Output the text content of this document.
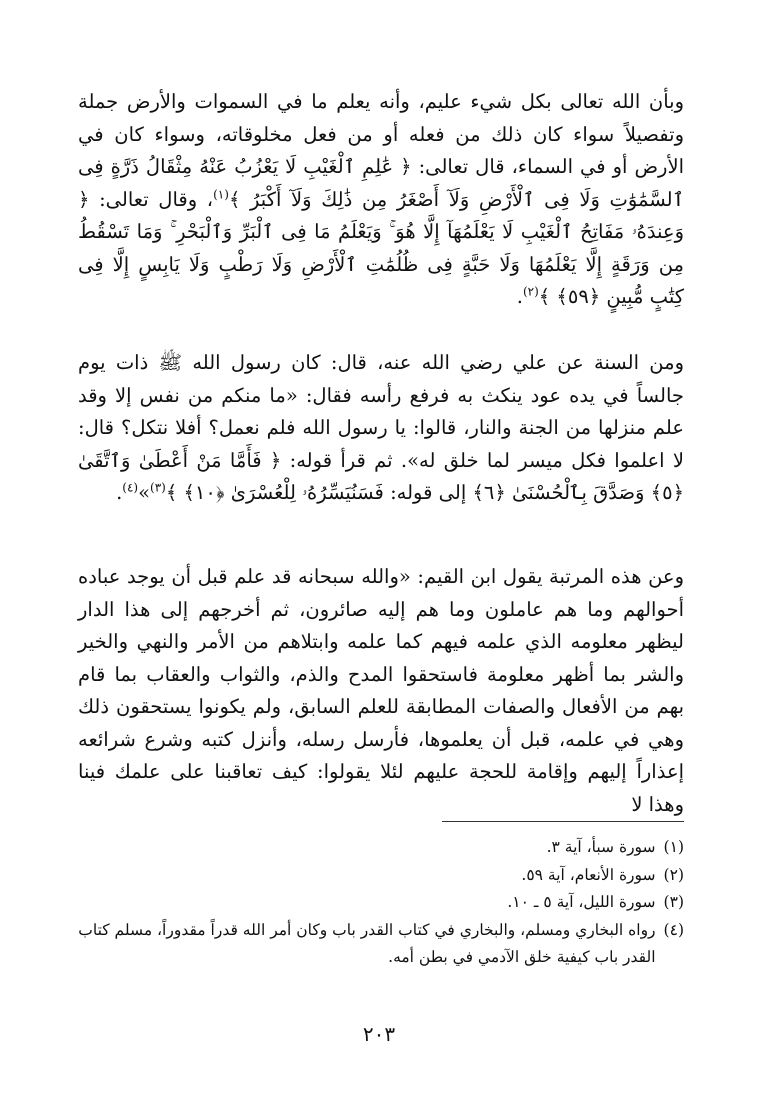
وبأن الله تعالى بكل شيء عليم، وأنه يعلم ما في السموات والأرض جملة وتفصيلاً سواء كان ذلك من فعله أو من فعل مخلوقاته، وسواء كان في الأرض أو في السماء، قال تعالى: ﴿ عَٰلِمِ ٱلْغَيْبِ لَا يَعْزُبُ عَنْهُ مِثْقَالُ ذَرَّةٍ فِى ٱلسَّمَٰوَٰتِ وَلَا فِى ٱلْأَرْضِ وَلَآ أَصْغَرُ مِن ذَٰلِكَ وَلَآ أَكْبَرُ ﴾$^{(١)}$، وقال تعالى: ﴿ وَعِندَهُۥ مَفَاتِحُ ٱلْغَيْبِ لَا يَعْلَمُهَآ إِلَّا هُوَ ۚ وَيَعْلَمُ مَا فِى ٱلْبَرِّ وَٱلْبَحْرِ ۚ وَمَا تَسْقُطُ مِن وَرَقَةٍ إِلَّا يَعْلَمُهَا وَلَا حَبَّةٍ فِى ظُلُمَٰتِ ٱلْأَرْضِ وَلَا رَطْبٍ وَلَا يَابِسٍ إِلَّا فِى كِتَٰبٍ مُّبِينٍ ﴿٥٩﴾ ﴾$^{(٢)}$.
ومن السنة عن علي رضي الله عنه، قال: كان رسول الله ﷺ ذات يوم جالساً في يده عود ينكث به فرفع رأسه فقال: «ما منكم من نفس إلا وقد علم منزلها من الجنة والنار، قالوا: يا رسول الله فلم نعمل؟ أفلا نتكل؟ قال: لا اعلموا فكل ميسر لما خلق له». ثم قرأ قوله: ﴿ فَأَمَّا مَنْ أَعْطَىٰ وَٱتَّقَىٰ ﴿٥﴾ وَصَدَّقَ بِٱلْحُسْنَىٰ ﴿٦﴾ إلى قوله: فَسَنُيَسِّرُهُۥ لِلْعُسْرَىٰ ﴿١٠﴾ ﴾$^{(٣)}$»$^{(٤)}$.
وعن هذه المرتبة يقول ابن القيم: «والله سبحانه قد علم قبل أن يوجد عباده أحوالهم وما هم عاملون وما هم إليه صائرون، ثم أخرجهم إلى هذا الدار ليظهر معلومه الذي علمه فيهم كما علمه وابتلاهم من الأمر والنهي والخير والشر بما أظهر معلومة فاستحقوا المدح والذم، والثواب والعقاب بما قام بهم من الأفعال والصفات المطابقة للعلم السابق، ولم يكونوا يستحقون ذلك وهي في علمه، قبل أن يعلموها، فأرسل رسله، وأنزل كتبه وشرع شرائعه إعذاراً إليهم وإقامة للحجة عليهم لئلا يقولوا: كيف تعاقبنا على علمك فينا وهذا لا
(١)
سورة سبأ، آية ٣.
(٢)
سورة الأنعام، آية ٥٩.
(٣)
سورة الليل، آية ٥ ـ ١٠.
(٤)
رواه البخاري ومسلم، والبخاري في كتاب القدر باب وكان أمر الله قدراً مقدوراً، مسلم كتاب القدر باب كيفية خلق الآدمي في بطن أمه.
٢٠٣
